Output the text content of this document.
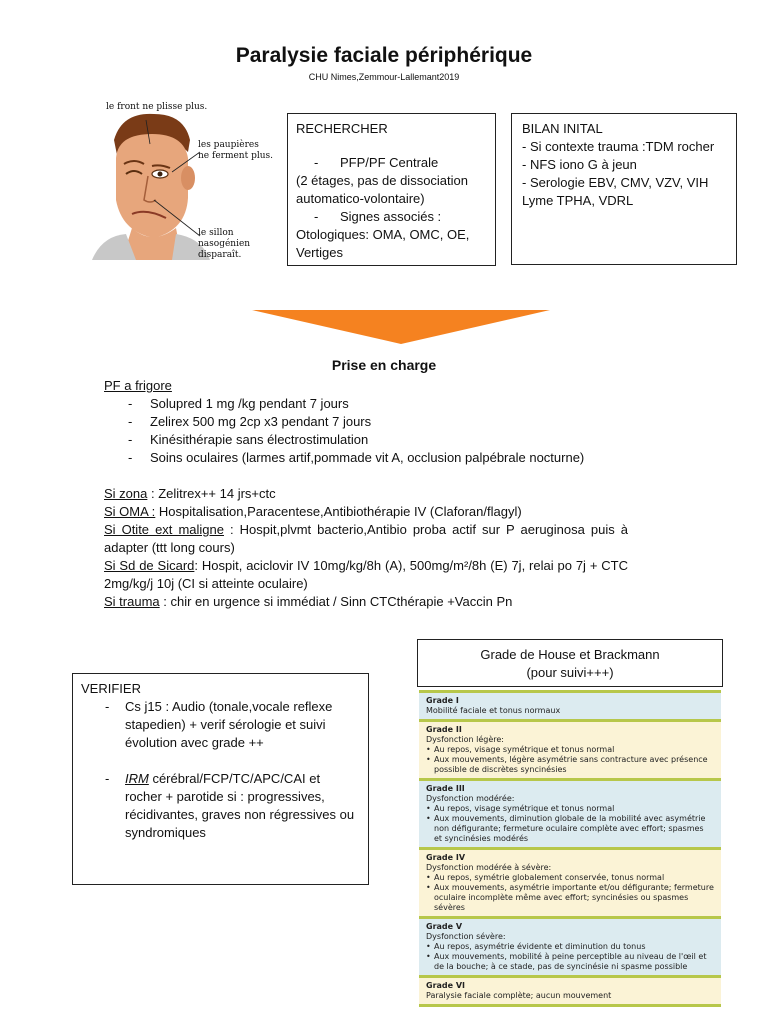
Paralysie faciale périphérique
CHU Nimes,Zemmour-Lallemant2019
le front ne plisse plus.
les paupières
ne ferment plus.
le sillon nasogénien
disparaît.
RECHERCHER
- PFP/PF Centrale
(2 étages, pas de dissociation automatico-volontaire)
- Signes associés :
Otologiques: OMA, OMC, OE, Vertiges
BILAN INITAL
- Si contexte trauma :TDM rocher
- NFS iono G à jeun
- Serologie EBV, CMV, VZV, VIH Lyme TPHA, VDRL
Prise en charge
PF a frigore
- Solupred 1 mg /kg pendant 7 jours
- Zelirex 500 mg 2cp x3 pendant 7 jours
- Kinésithérapie sans électrostimulation
- Soins oculaires (larmes artif,pommade vit A, occlusion palpébrale nocturne)
Si zona : Zelitrex++ 14 jrs+ctc
Si OMA : Hospitalisation,Paracentese,Antibiothérapie IV (Claforan/flagyl)
Si Otite ext maligne : Hospit,plvmt bacterio,Antibio proba actif sur P aeruginosa puis à adapter (ttt long cours)
Si Sd de Sicard: Hospit, aciclovir IV 10mg/kg/8h (A), 500mg/m²/8h (E) 7j, relai po 7j + CTC 2mg/kg/j 10j (CI si atteinte oculaire)
Si trauma : chir en urgence si immédiat / Sinn CTCthérapie +Vaccin Pn
VERIFIER
- Cs j15 : Audio (tonale,vocale reflexe stapedien) + verif sérologie et suivi évolution avec grade ++
- IRM cérébral/FCP/TC/APC/CAI et rocher + parotide si : progressives, récidivantes, graves non régressives ou syndromiques
Grade de House et Brackmann
(pour suivi+++)
Grade I
Mobilité faciale et tonus normaux
Grade II
Dysfonction légère:
• Au repos, visage symétrique et tonus normal
• Aux mouvements, légère asymétrie sans contracture avec présence possible de discrètes syncinésies
Grade III
Dysfonction modérée:
• Au repos, visage symétrique et tonus normal
• Aux mouvements, diminution globale de la mobilité avec asymétrie non défigurante; fermeture oculaire complète avec effort; spasmes et syncinésies modérés
Grade IV
Dysfonction modérée à sévère:
• Au repos, symétrie globalement conservée, tonus normal
• Aux mouvements, asymétrie importante et/ou défigurante; fermeture oculaire incomplète même avec effort; syncinésies ou spasmes sévères
Grade V
Dysfonction sévère:
• Au repos, asymétrie évidente et diminution du tonus
• Aux mouvements, mobilité à peine perceptible au niveau de l'œil et de la bouche; à ce stade, pas de syncinésie ni spasme possible
Grade VI
Paralysie faciale complète; aucun mouvement
